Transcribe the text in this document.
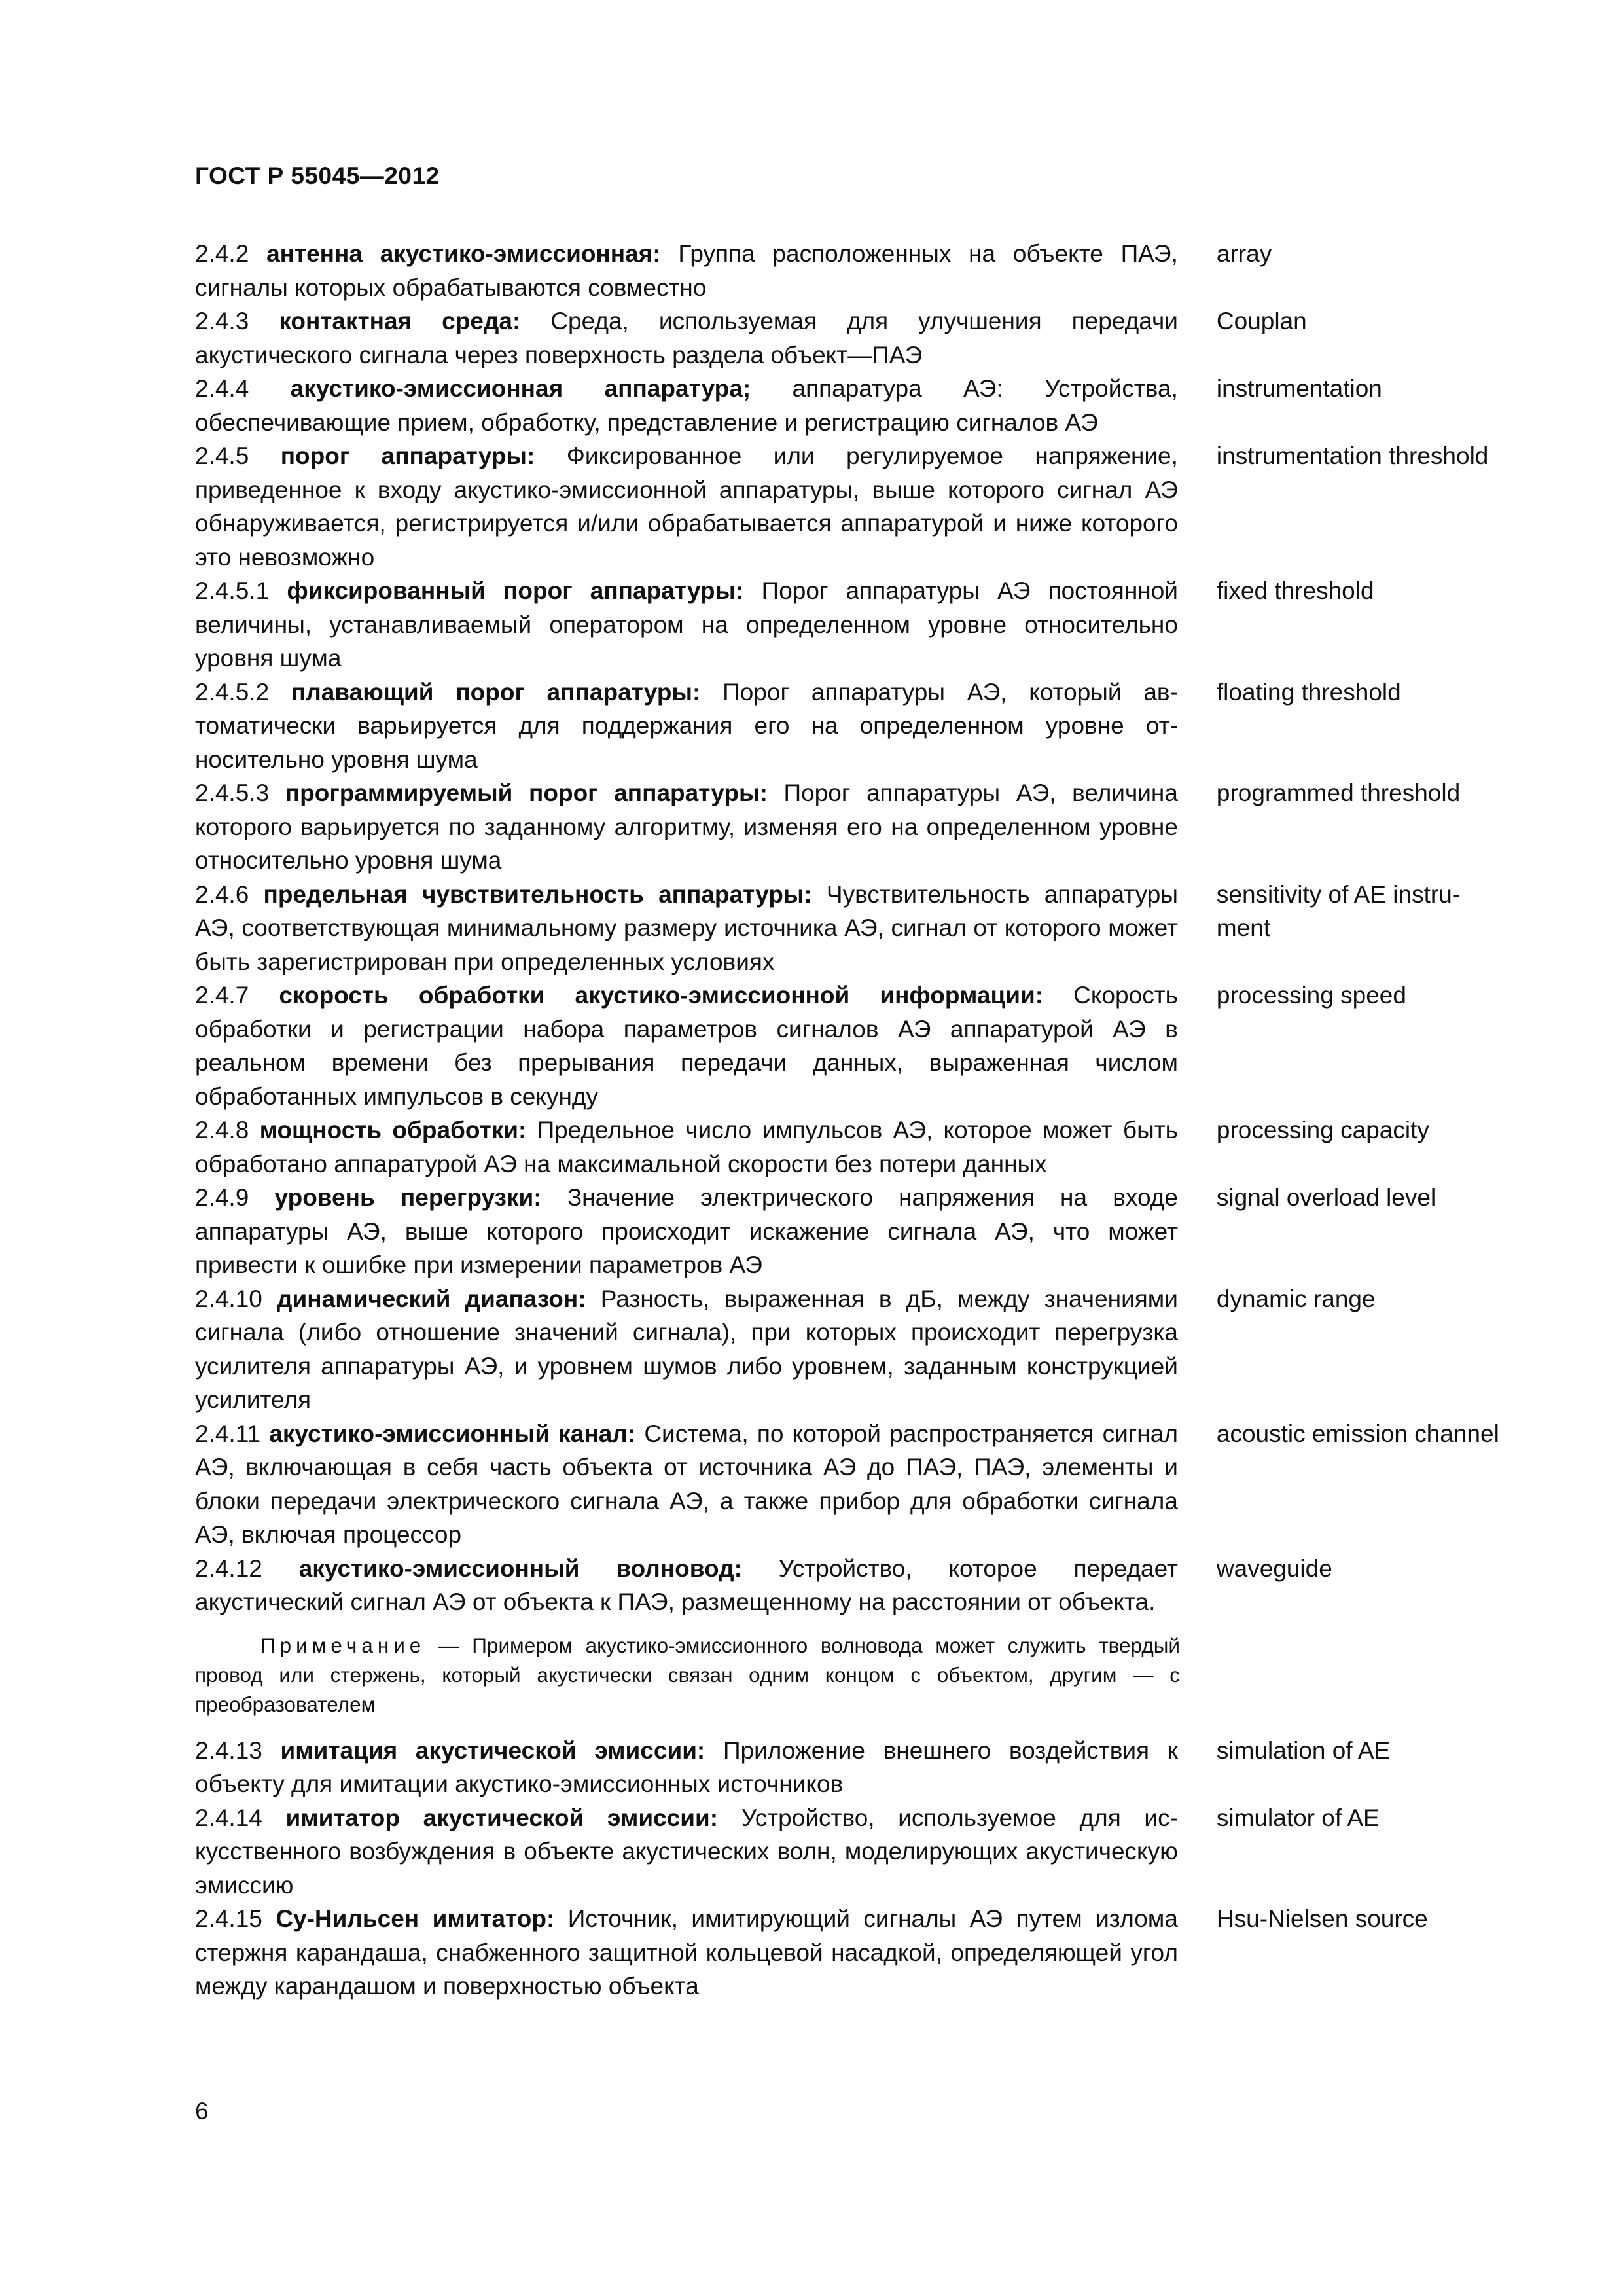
ГОСТ Р 55045—2012
2.4.2 антенна акустико-эмиссионная: Группа расположенных на объекте ПАЭ, сигналы которых обрабатываются совместно
array
2.4.3 контактная среда: Среда, используемая для улучшения передачи акустического сигнала через поверхность раздела объект—ПАЭ
Couplan
2.4.4 акустико-эмиссионная аппаратура; аппаратура АЭ: Устройства, обеспечивающие прием, обработку, представление и регистрацию сигналов АЭ
instrumentation
2.4.5 порог аппаратуры: Фиксированное или регулируемое напряжение, приведенное к входу акустико-эмиссионной аппаратуры, выше которого сигнал АЭ обнаруживается, регистрируется и/или обрабатывается аппаратурой и ниже которого это невозможно
instrumentation threshold
2.4.5.1 фиксированный порог аппаратуры: Порог аппаратуры АЭ постоянной величины, устанавливаемый оператором на определенном уровне относительно уровня шума
fixed threshold
2.4.5.2 плавающий порог аппаратуры: Порог аппаратуры АЭ, который автоматически варьируется для поддержания его на определенном уровне относительно уровня шума
floating threshold
2.4.5.3 программируемый порог аппаратуры: Порог аппаратуры АЭ, величина которого варьируется по заданному алгоритму, изменяя его на определенном уровне относительно уровня шума
programmed threshold
2.4.6 предельная чувствительность аппаратуры: Чувствительность аппаратуры АЭ, соответствующая минимальному размеру источника АЭ, сигнал от которого может быть зарегистрирован при определенных условиях
sensitivity of AE instrument
2.4.7 скорость обработки акустико-эмиссионной информации: Скорость обработки и регистрации набора параметров сигналов АЭ аппаратурой АЭ в реальном времени без прерывания передачи данных, выраженная числом обработанных импульсов в секунду
processing speed
2.4.8 мощность обработки: Предельное число импульсов АЭ, которое может быть обработано аппаратурой АЭ на максимальной скорости без потери данных
processing capacity
2.4.9 уровень перегрузки: Значение электрического напряжения на входе аппаратуры АЭ, выше которого происходит искажение сигнала АЭ, что может привести к ошибке при измерении параметров АЭ
signal overload level
2.4.10 динамический диапазон: Разность, выраженная в дБ, между значениями сигнала (либо отношение значений сигнала), при которых происходит перегрузка усилителя аппаратуры АЭ, и уровнем шумов либо уровнем, заданным конструкцией усилителя
dynamic range
2.4.11 акустико-эмиссионный канал: Система, по которой распространяется сигнал АЭ, включающая в себя часть объекта от источника АЭ до ПАЭ, ПАЭ, элементы и блоки передачи электрического сигнала АЭ, а также прибор для обработки сигнала АЭ, включая процессор
acoustic emission channel
2.4.12 акустико-эмиссионный волновод: Устройство, которое передает акустический сигнал АЭ от объекта к ПАЭ, размещенному на расстоянии от объекта.
waveguide
Примечание — Примером акустико-эмиссионного волновода может служить твердый провод или стержень, который акустически связан одним концом с объектом, другим — с преобразователем
2.4.13 имитация акустической эмиссии: Приложение внешнего воздействия к объекту для имитации акустико-эмиссионных источников
simulation of AE
2.4.14 имитатор акустической эмиссии: Устройство, используемое для искусственного возбуждения в объекте акустических волн, моделирующих акустическую эмиссию
simulator of AE
2.4.15 Су-Нильсен имитатор: Источник, имитирующий сигналы АЭ путем излома стержня карандаша, снабженного защитной кольцевой насадкой, определяющей угол между карандашом и поверхностью объекта
Hsu-Nielsen source
6
